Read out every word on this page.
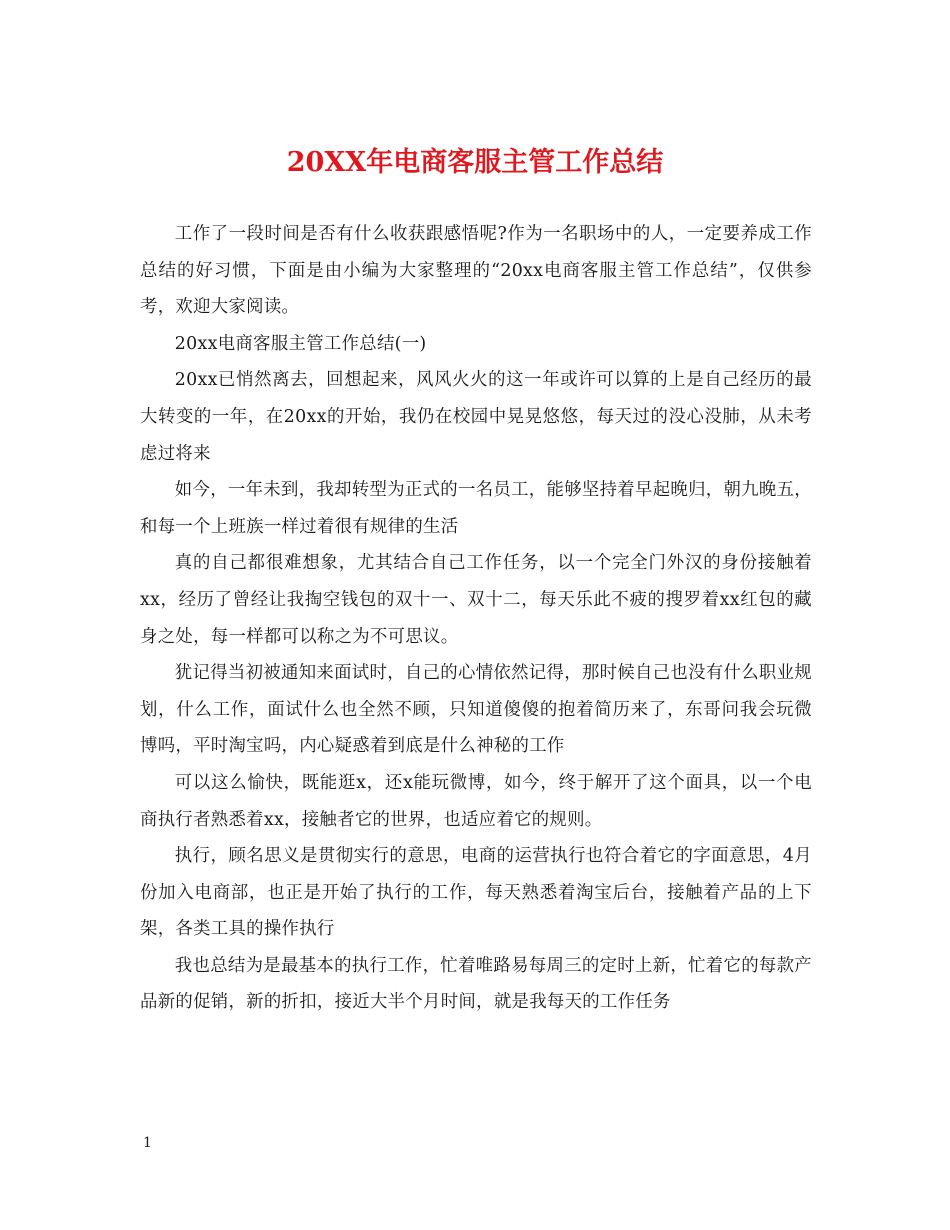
20XX年电商客服主管工作总结

工作了一段时间是否有什么收获跟感悟呢?作为一名职场中的人，一定要养成工作总结的好习惯，下面是由小编为大家整理的“20xx电商客服主管工作总结”，仅供参考，欢迎大家阅读。

20xx电商客服主管工作总结(一)

20xx已悄然离去，回想起来，风风火火的这一年或许可以算的上是自己经历的最大转变的一年，在20xx的开始，我仍在校园中晃晃悠悠，每天过的没心没肺，从未考虑过将来

如今，一年未到，我却转型为正式的一名员工，能够坚持着早起晚归，朝九晚五，和每一个上班族一样过着很有规律的生活

真的自己都很难想象，尤其结合自己工作任务，以一个完全门外汉的身份接触着xx，经历了曾经让我掏空钱包的双十一、双十二，每天乐此不疲的搜罗着xx红包的藏身之处，每一样都可以称之为不可思议。

犹记得当初被通知来面试时，自己的心情依然记得，那时候自己也没有什么职业规划，什么工作，面试什么也全然不顾，只知道傻傻的抱着简历来了，东哥问我会玩微博吗，平时淘宝吗，内心疑惑着到底是什么神秘的工作

可以这么愉快，既能逛x，还x能玩微博，如今，终于解开了这个面具，以一个电商执行者熟悉着xx，接触者它的世界，也适应着它的规则。

执行，顾名思义是贯彻实行的意思，电商的运营执行也符合着它的字面意思，4月份加入电商部，也正是开始了执行的工作，每天熟悉着淘宝后台，接触着产品的上下架，各类工具的操作执行

我也总结为是最基本的执行工作，忙着唯路易每周三的定时上新，忙着它的每款产品新的促销，新的折扣，接近大半个月时间，就是我每天的工作任务

1
